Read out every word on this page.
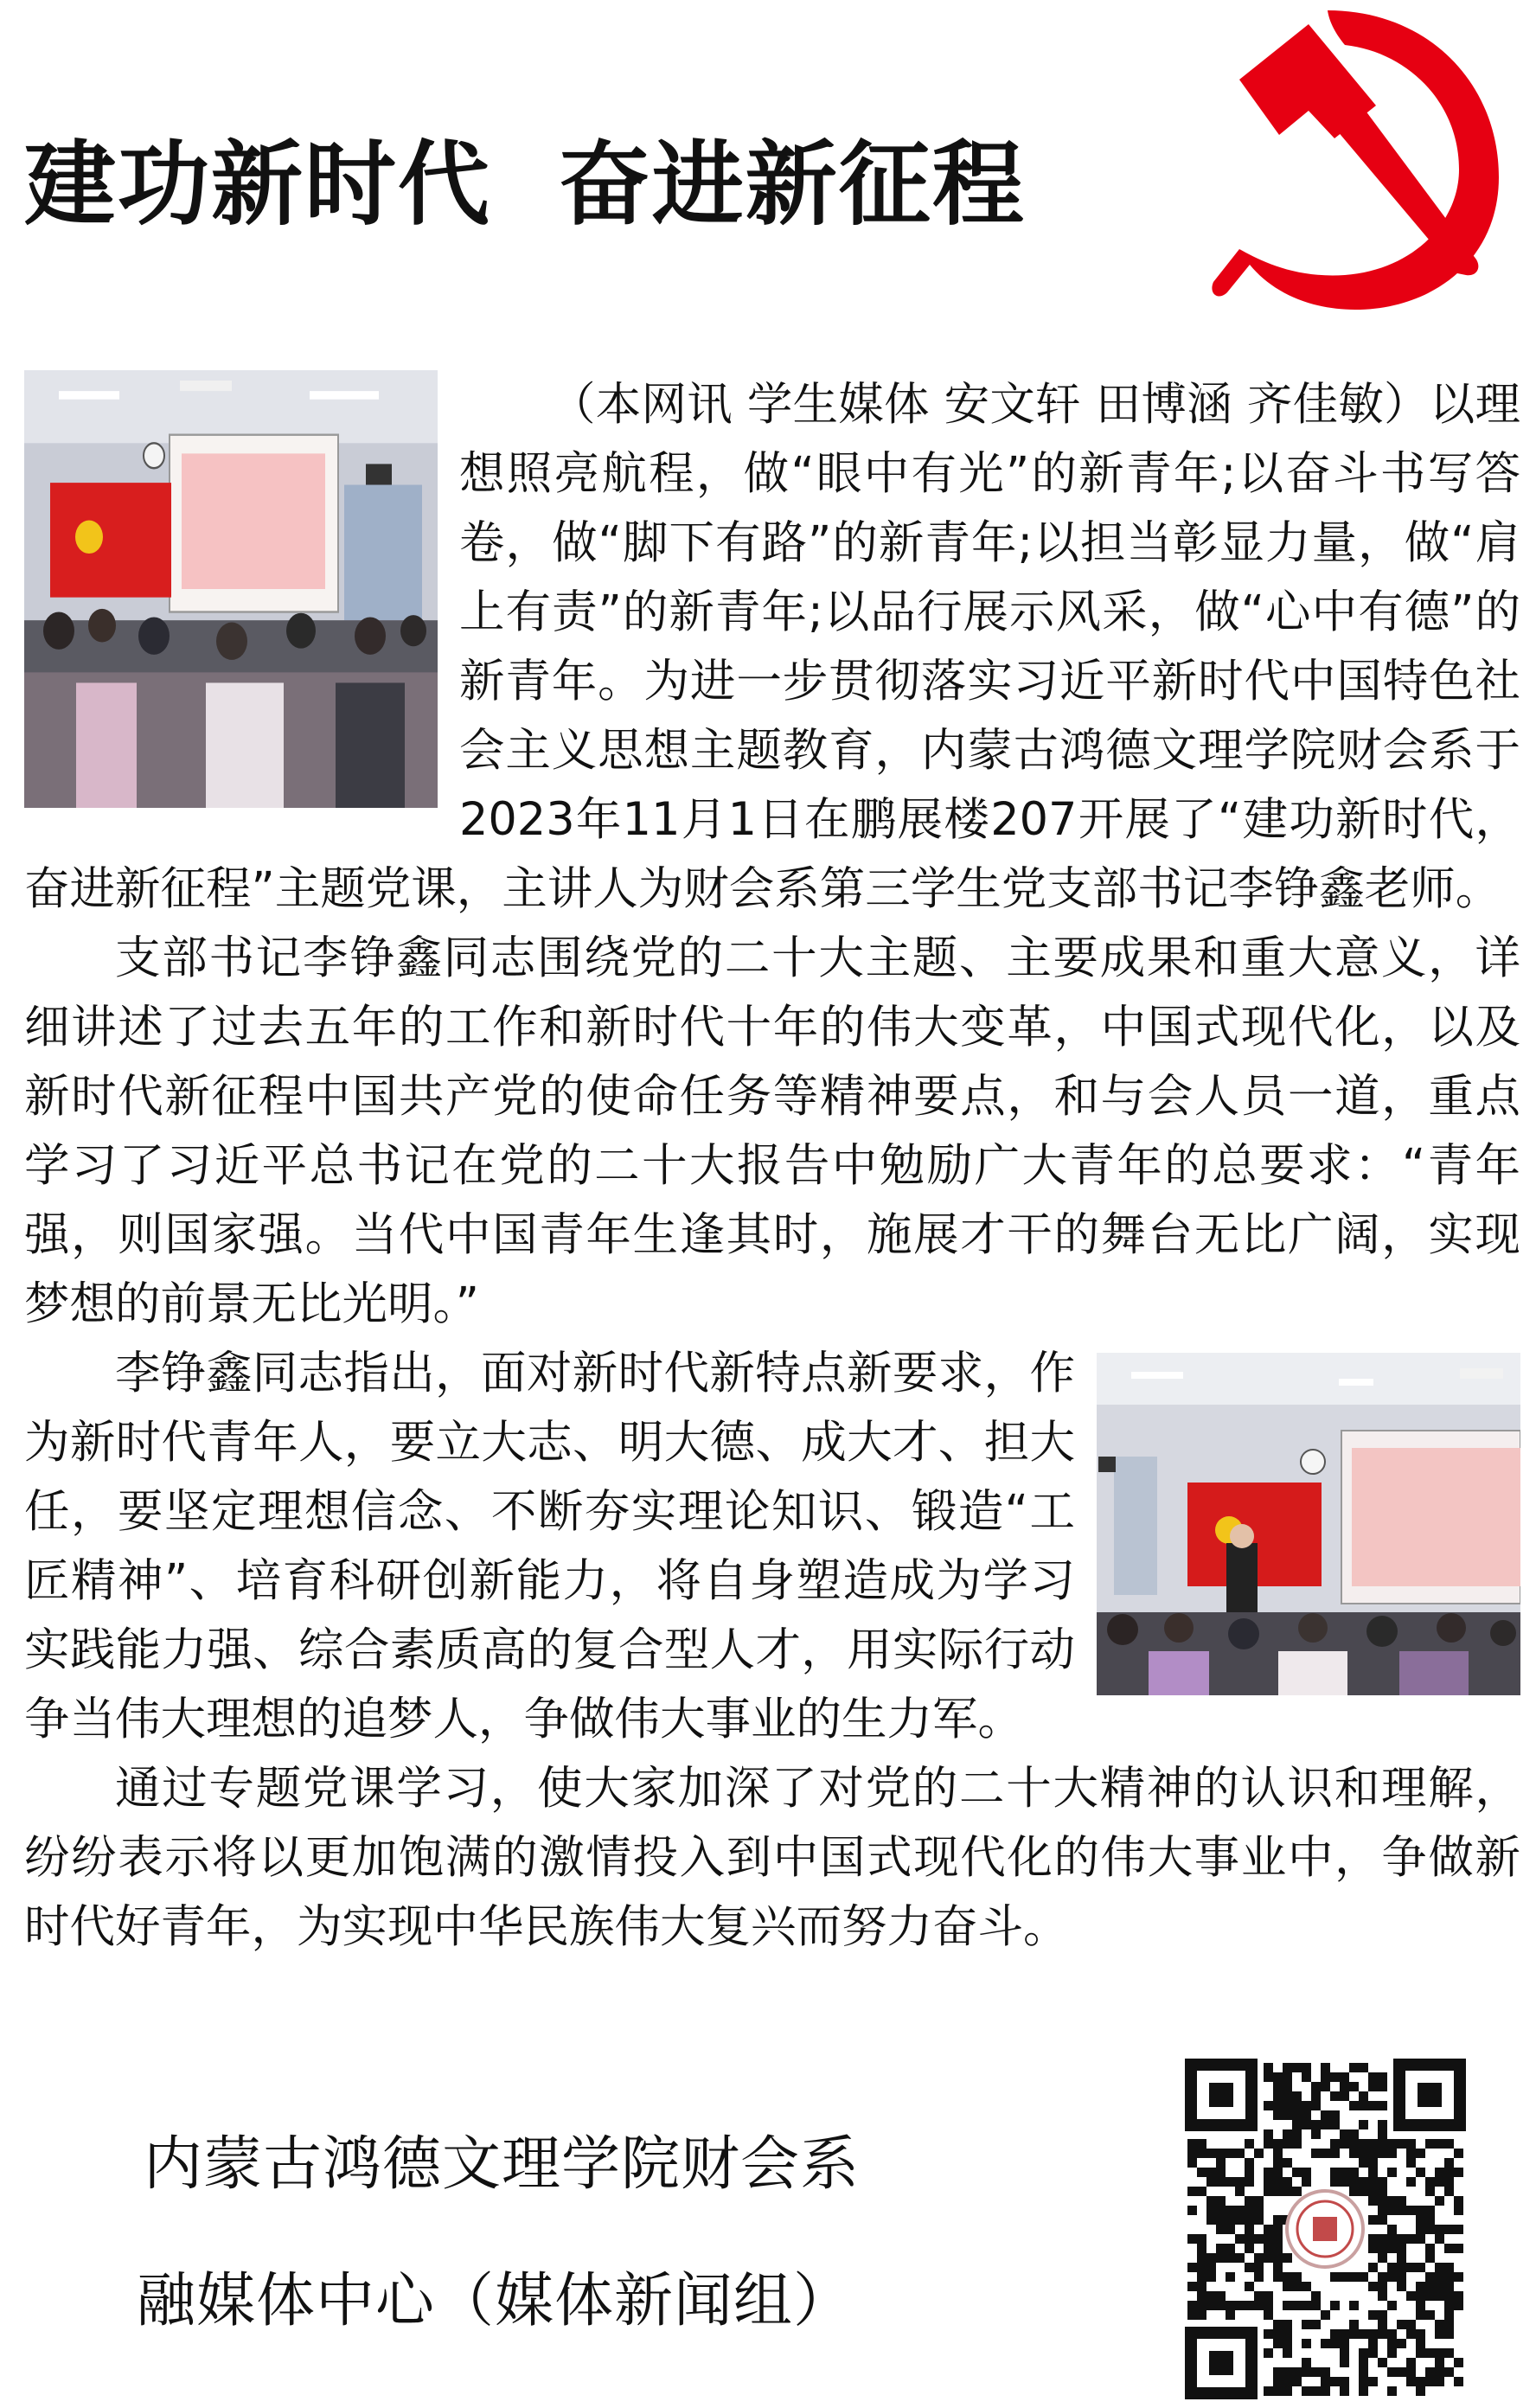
建功新时代  奋进新征程

（本网讯 学生媒体 安文轩 田博涵 齐佳敏）以理想照亮航程，做“眼中有光”的新青年;以奋斗书写答卷，做“脚下有路”的新青年;以担当彰显力量，做“肩上有责”的新青年;以品行展示风采，做“心中有德”的新青年。为进一步贯彻落实习近平新时代中国特色社会主义思想主题教育，内蒙古鸿德文理学院财会系于2023年11月1日在鹏展楼207开展了“建功新时代，奋进新征程”主题党课，主讲人为财会系第三学生党支部书记李铮鑫老师。

支部书记李铮鑫同志围绕党的二十大主题、主要成果和重大意义，详细讲述了过去五年的工作和新时代十年的伟大变革，中国式现代化，以及新时代新征程中国共产党的使命任务等精神要点，和与会人员一道，重点学习了习近平总书记在党的二十大报告中勉励广大青年的总要求：“青年强，则国家强。当代中国青年生逢其时，施展才干的舞台无比广阔，实现梦想的前景无比光明。”

李铮鑫同志指出，面对新时代新特点新要求，作为新时代青年人，要立大志、明大德、成大才、担大任，要坚定理想信念、不断夯实理论知识、锻造“工匠精神”、培育科研创新能力，将自身塑造成为学习实践能力强、综合素质高的复合型人才，用实际行动争当伟大理想的追梦人，争做伟大事业的生力军。

通过专题党课学习，使大家加深了对党的二十大精神的认识和理解，纷纷表示将以更加饱满的激情投入到中国式现代化的伟大事业中，争做新时代好青年，为实现中华民族伟大复兴而努力奋斗。

内蒙古鸿德文理学院财会系

融媒体中心（媒体新闻组）
